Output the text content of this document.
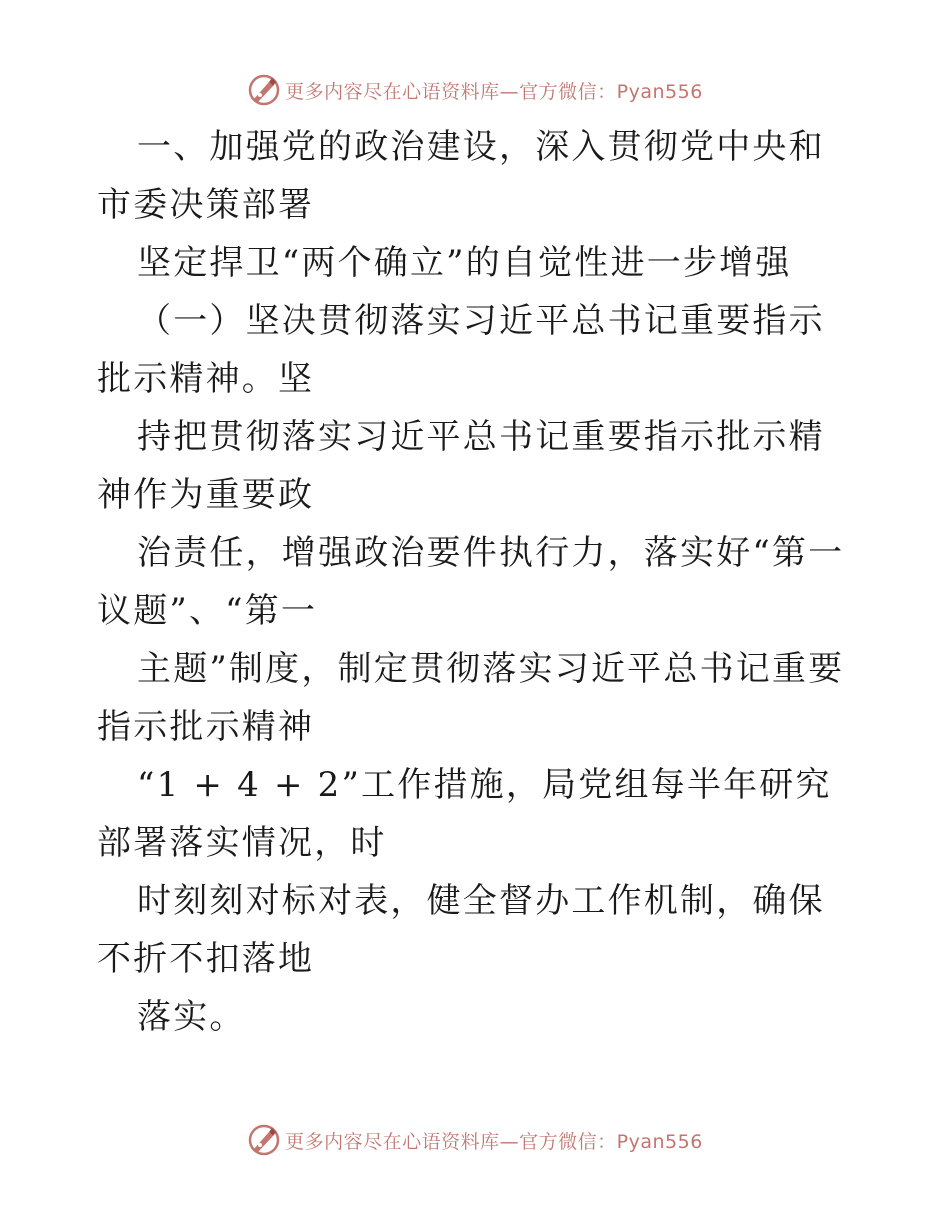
更多内容尽在心语资料库—官方微信：Pyan556

一、加强党的政治建设，深入贯彻党中央和市委决策部署

坚定捍卫“两个确立”的自觉性进一步增强

（一）坚决贯彻落实习近平总书记重要指示批示精神。坚

持把贯彻落实习近平总书记重要指示批示精神作为重要政

治责任，增强政治要件执行力，落实好“第一议题”、“第一

主题”制度，制定贯彻落实习近平总书记重要指示批示精神

“1 + 4 + 2”工作措施，局党组每半年研究部署落实情况，时

时刻刻对标对表，健全督办工作机制，确保不折不扣落地

落实。

更多内容尽在心语资料库—官方微信：Pyan556
